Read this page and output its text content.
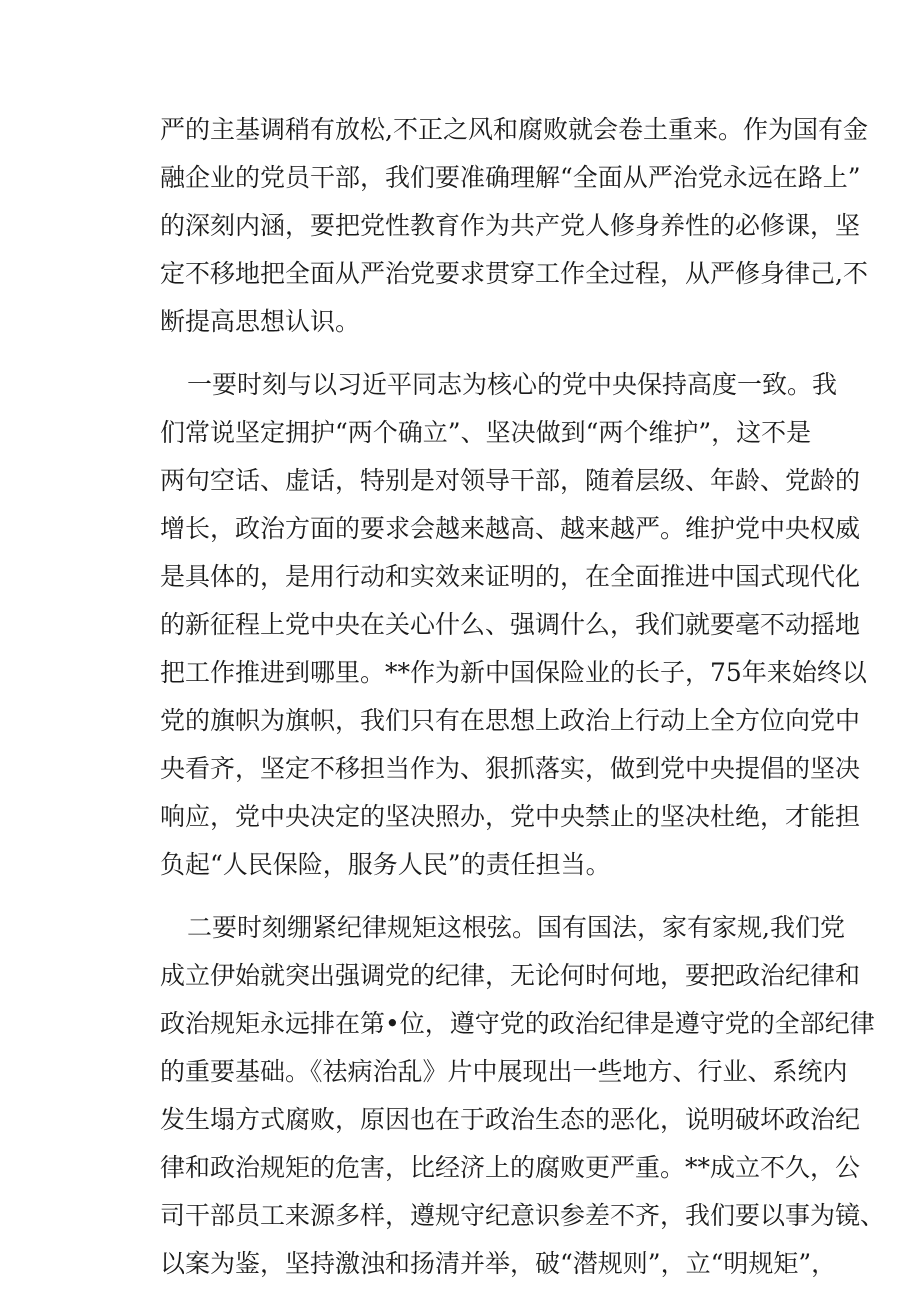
严的主基调稍有放松,不正之风和腐败就会卷土重来。作为国有金

融企业的党员干部，我们要准确理解“全面从严治党永远在路上”

的深刻内涵，要把党性教育作为共产党人修身养性的必修课，坚

定不移地把全面从严治党要求贯穿工作全过程，从严修身律己,不

断提高思想认识。

一要时刻与以习近平同志为核心的党中央保持高度一致。我

们常说坚定拥护“两个确立”、坚决做到“两个维护”，这不是

两句空话、虚话，特别是对领导干部，随着层级、年龄、党龄的

增长，政治方面的要求会越来越高、越来越严。维护党中央权威

是具体的，是用行动和实效来证明的，在全面推进中国式现代化

的新征程上党中央在关心什么、强调什么，我们就要毫不动摇地

把工作推进到哪里。**作为新中国保险业的长子，75年来始终以

党的旗帜为旗帜，我们只有在思想上政治上行动上全方位向党中

央看齐，坚定不移担当作为、狠抓落实，做到党中央提倡的坚决

响应，党中央决定的坚决照办，党中央禁止的坚决杜绝，才能担

负起“人民保险，服务人民”的责任担当。

二要时刻绷紧纪律规矩这根弦。国有国法，家有家规,我们党

成立伊始就突出强调党的纪律，无论何时何地，要把政治纪律和

政治规矩永远排在第•位，遵守党的政治纪律是遵守党的全部纪律

的重要基础。《祛病治乱》片中展现出一些地方、行业、系统内

发生塌方式腐败，原因也在于政治生态的恶化，说明破坏政治纪

律和政治规矩的危害，比经济上的腐败更严重。**成立不久，公

司干部员工来源多样，遵规守纪意识参差不齐，我们要以事为镜、

以案为鉴，坚持激浊和扬清并举，破“潜规则”，立“明规矩”，
